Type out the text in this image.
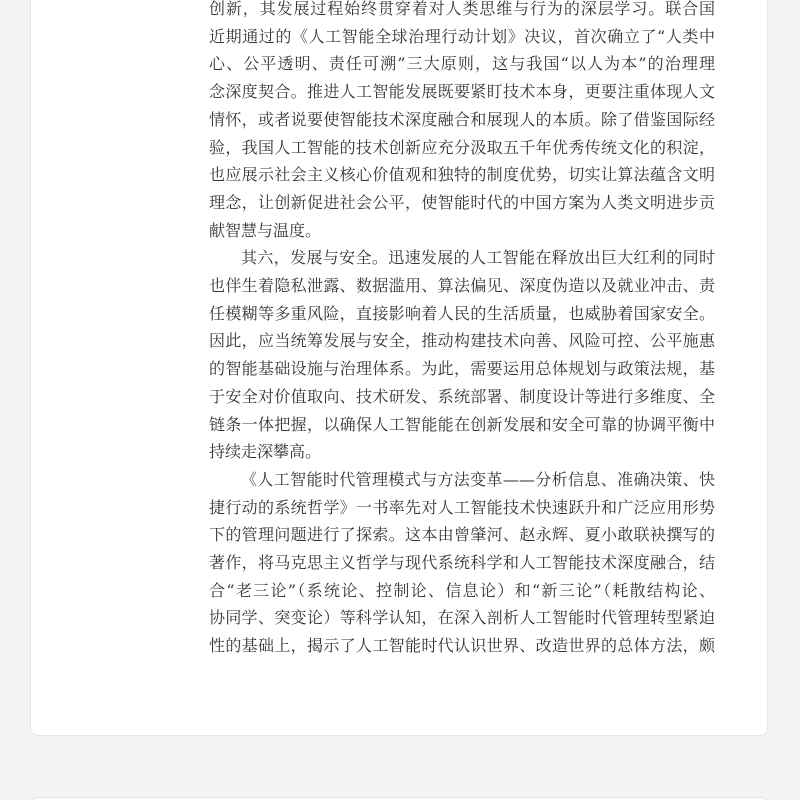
创新，其发展过程始终贯穿着对人类思维与行为的深层学习。联合国
近期通过的《人工智能全球治理行动计划》决议，首次确立了“人类中
心、公平透明、责任可溯”三大原则，这与我国“以人为本”的治理理
念深度契合。推进人工智能发展既要紧盯技术本身，更要注重体现人文
情怀，或者说要使智能技术深度融合和展现人的本质。除了借鉴国际经
验，我国人工智能的技术创新应充分汲取五千年优秀传统文化的积淀，
也应展示社会主义核心价值观和独特的制度优势，切实让算法蕴含文明
理念，让创新促进社会公平，使智能时代的中国方案为人类文明进步贡
献智慧与温度。

其六，发展与安全。迅速发展的人工智能在释放出巨大红利的同时
也伴生着隐私泄露、数据滥用、算法偏见、深度伪造以及就业冲击、责
任模糊等多重风险，直接影响着人民的生活质量，也威胁着国家安全。
因此，应当统筹发展与安全，推动构建技术向善、风险可控、公平施惠
的智能基础设施与治理体系。为此，需要运用总体规划与政策法规，基
于安全对价值取向、技术研发、系统部署、制度设计等进行多维度、全
链条一体把握，以确保人工智能能在创新发展和安全可靠的协调平衡中
持续走深攀高。

《人工智能时代管理模式与方法变革——分析信息、准确决策、快
捷行动的系统哲学》一书率先对人工智能技术快速跃升和广泛应用形势
下的管理问题进行了探索。这本由曾肇河、赵永辉、夏小敢联袂撰写的
著作，将马克思主义哲学与现代系统科学和人工智能技术深度融合，结
合“老三论”（系统论、控制论、信息论）和“新三论”（耗散结构论、
协同学、突变论）等科学认知，在深入剖析人工智能时代管理转型紧迫
性的基础上，揭示了人工智能时代认识世界、改造世界的总体方法，颇
